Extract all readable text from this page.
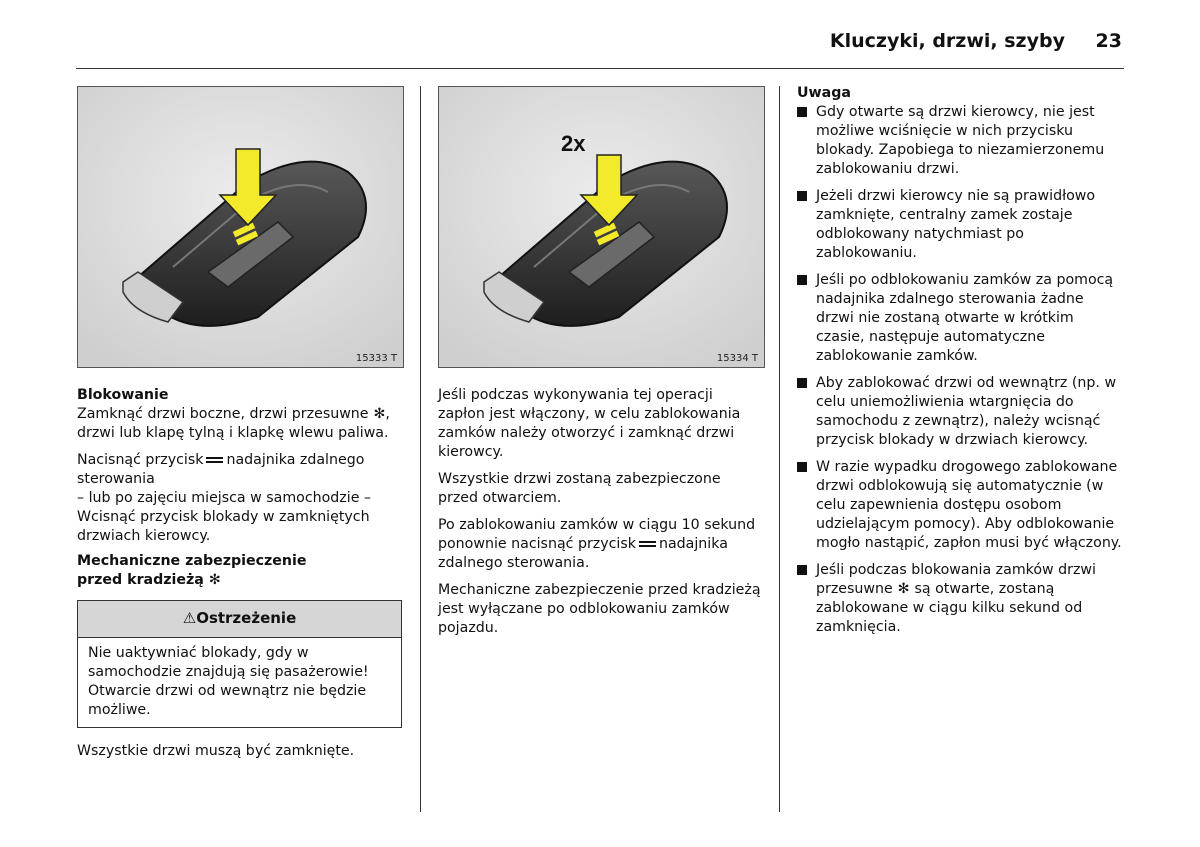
Kluczyki, drzwi, szyby 23
15333 T
2x
15334 T
Blokowanie

Zamknąć drzwi boczne, drzwi przesuwne ✻, drzwi lub klapę tylną i klapkę wlewu paliwa.

Nacisnąć przycisk nadajnika zdalnego sterowania
– lub po zajęciu miejsca w samochodzie –
Wcisnąć przycisk blokady w zamkniętych drzwiach kierowcy.

Mechaniczne zabezpieczenie
przed kradzieżą ✻
⚠Ostrzeżenie
Nie uaktywniać blokady, gdy w samochodzie znajdują się pasażerowie! Otwarcie drzwi od wewnątrz nie będzie możliwe.

Wszystkie drzwi muszą być zamknięte.

Jeśli podczas wykonywania tej operacji zapłon jest włączony, w celu zablokowania zamków należy otworzyć i zamknąć drzwi kierowcy.

Wszystkie drzwi zostaną zabezpieczone przed otwarciem.

Po zablokowaniu zamków w ciągu 10 sekund ponownie nacisnąć przycisk nadajnika zdalnego sterowania.

Mechaniczne zabezpieczenie przed kradzieżą jest wyłączane po odblokowaniu zamków pojazdu.

Uwaga
Gdy otwarte są drzwi kierowcy, nie jest możliwe wciśnięcie w nich przycisku blokady. Zapobiega to niezamierzonemu zablokowaniu drzwi.
Jeżeli drzwi kierowcy nie są prawidłowo zamknięte, centralny zamek zostaje odblokowany natychmiast po zablokowaniu.
Jeśli po odblokowaniu zamków za pomocą nadajnika zdalnego sterowania żadne drzwi nie zostaną otwarte w krótkim czasie, następuje automatyczne zablokowanie zamków.
Aby zablokować drzwi od wewnątrz (np. w celu uniemożliwienia wtargnięcia do samochodu z zewnątrz), należy wcisnąć przycisk blokady w drzwiach kierowcy.
W razie wypadku drogowego zablokowane drzwi odblokowują się automatycznie (w celu zapewnienia dostępu osobom udzielającym pomocy). Aby odblokowanie mogło nastąpić, zapłon musi być włączony.
Jeśli podczas blokowania zamków drzwi przesuwne ✻ są otwarte, zostaną zablokowane w ciągu kilku sekund od zamknięcia.
